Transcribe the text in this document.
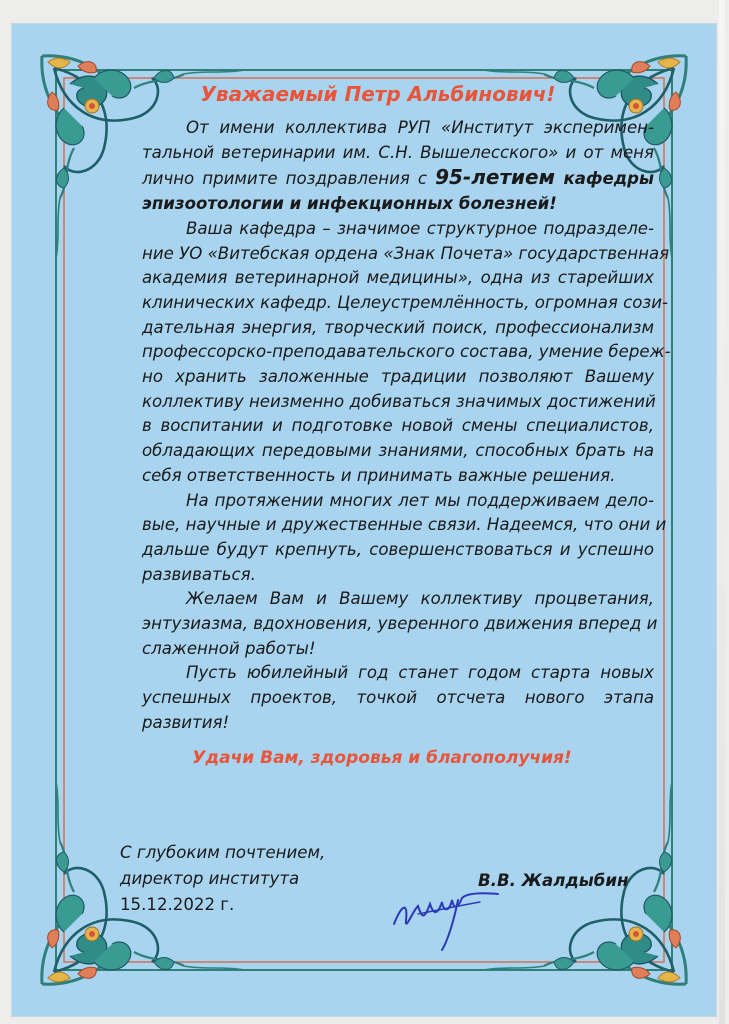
Уважаемый Петр Альбинович!
От имени коллектива РУП «Институт эксперимен-
тальной ветеринарии им. С.Н. Вышелесского» и от меня
лично примите поздравления с 95-летием кафедры
эпизоотологии и инфекционных болезней!
Ваша кафедра – значимое структурное подразделе-
ние УО «Витебская ордена «Знак Почета» государственная
академия ветеринарной медицины», одна из старейших
клинических кафедр. Целеустремлённость, огромная сози-
дательная энергия, творческий поиск, профессионализм
профессорско-преподавательского состава, умение береж-
но хранить заложенные традиции позволяют Вашему
коллективу неизменно добиваться значимых достижений
в воспитании и подготовке новой смены специалистов,
обладающих передовыми знаниями, способных брать на
себя ответственность и принимать важные решения.
На протяжении многих лет мы поддерживаем дело-
вые, научные и дружественные связи. Надеемся, что они и
дальше будут крепнуть, совершенствоваться и успешно
развиваться.
Желаем Вам и Вашему коллективу процветания,
энтузиазма, вдохновения, уверенного движения вперед и
слаженной работы!
Пусть юбилейный год станет годом старта новых
успешных проектов, точкой отсчета нового этапа
развития!
Удачи Вам, здоровья и благополучия!
С глубоким почтением,
директор института
15.12.2022 г.
В.В. Жалдыбин
